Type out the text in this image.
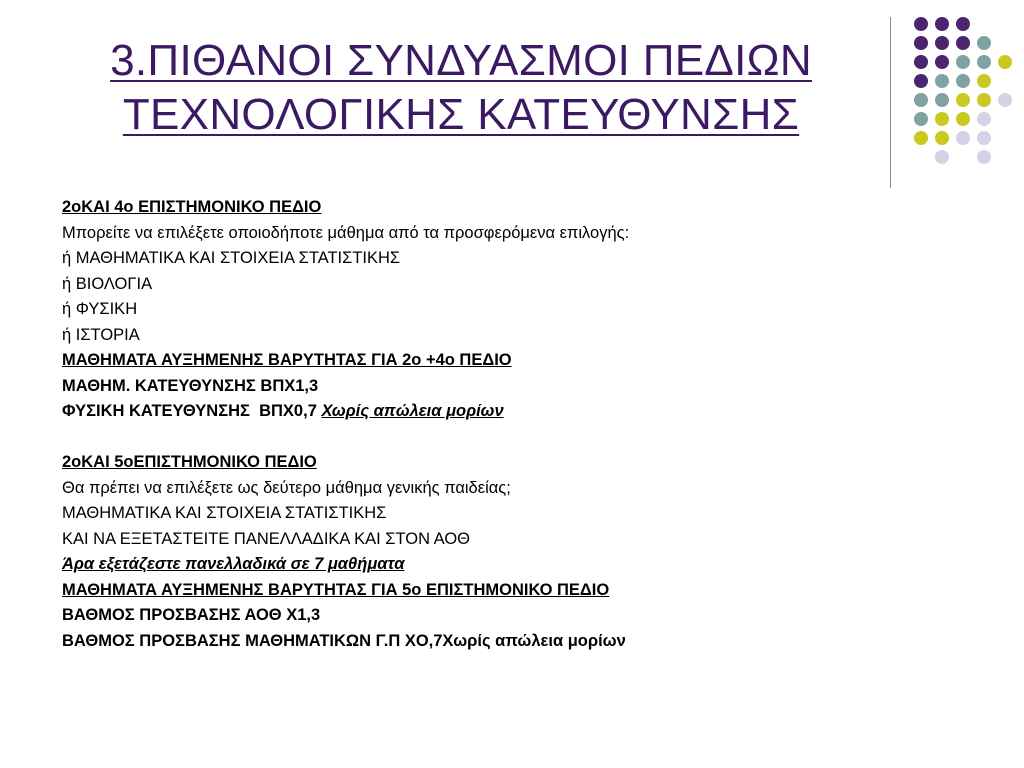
3.ΠΙΘΑΝΟΙ ΣΥΝΔΥΑΣΜΟΙ ΠΕΔΙΩΝ
ΤΕΧΝΟΛΟΓΙΚΗΣ ΚΑΤΕΥΘΥΝΣΗΣ
2οΚΑΙ 4ο ΕΠΙΣΤΗΜΟΝΙΚΟ ΠΕΔΙΟ
Μπορείτε να επιλέξετε οποιοδήποτε μάθημα από τα προσφερόμενα επιλογής:
ή ΜΑΘΗΜΑΤΙΚΑ ΚΑΙ ΣΤΟΙΧΕΙΑ ΣΤΑΤΙΣΤΙΚΗΣ
ή ΒΙΟΛΟΓΙΑ
ή ΦΥΣΙΚΗ
ή ΙΣΤΟΡΙΑ
ΜΑΘΗΜΑΤΑ ΑΥΞΗΜΕΝΗΣ ΒΑΡΥΤΗΤΑΣ ΓΙΑ 2ο +4ο ΠΕΔΙΟ
ΜΑΘΗΜ. ΚΑΤΕΥΘΥΝΣΗΣ ΒΠΧ1,3
ΦΥΣΙΚΗ ΚΑΤΕΥΘΥΝΣΗΣ  ΒΠΧ0,7 Χωρίς απώλεια μορίων
2οΚΑΙ 5οΕΠΙΣΤΗΜΟΝΙΚΟ ΠΕΔΙΟ
Θα πρέπει να επιλέξετε ως δεύτερο μάθημα γενικής παιδείας;
ΜΑΘΗΜΑΤΙΚΑ ΚΑΙ ΣΤΟΙΧΕΙΑ ΣΤΑΤΙΣΤΙΚΗΣ
ΚΑΙ ΝΑ ΕΞΕΤΑΣΤΕΙΤΕ ΠΑΝΕΛΛΑΔΙΚΑ ΚΑΙ ΣΤΟΝ ΑΟΘ
Άρα εξετάζεστε πανελλαδικά σε 7 μαθήματα
ΜΑΘΗΜΑΤΑ ΑΥΞΗΜΕΝΗΣ ΒΑΡΥΤΗΤΑΣ ΓΙΑ 5ο ΕΠΙΣΤΗΜΟΝΙΚΟ ΠΕΔΙΟ
ΒΑΘΜΟΣ ΠΡΟΣΒΑΣΗΣ ΑΟΘ Χ1,3
ΒΑΘΜΟΣ ΠΡΟΣΒΑΣΗΣ ΜΑΘΗΜΑΤΙΚΩΝ Γ.Π ΧΟ,7Χωρίς απώλεια μορίων
